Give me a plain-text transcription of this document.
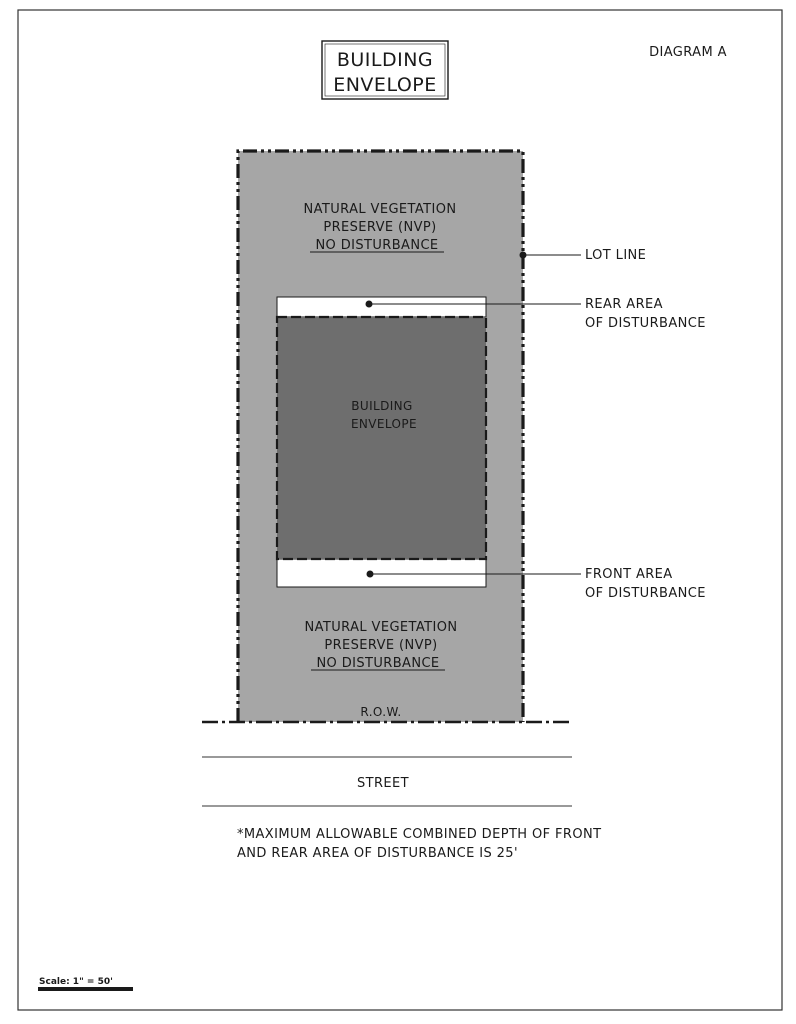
BUILDING
ENVELOPE
DIAGRAM A
NATURAL VEGETATION
PRESERVE (NVP)
NO DISTURBANCE
BUILDING
ENVELOPE
NATURAL VEGETATION
PRESERVE (NVP)
NO DISTURBANCE
R.O.W.
LOT LINE
REAR AREA
OF DISTURBANCE
FRONT AREA
OF DISTURBANCE
STREET
*MAXIMUM ALLOWABLE COMBINED DEPTH OF FRONT
AND REAR AREA OF DISTURBANCE IS 25'
Scale: 1" = 50'
